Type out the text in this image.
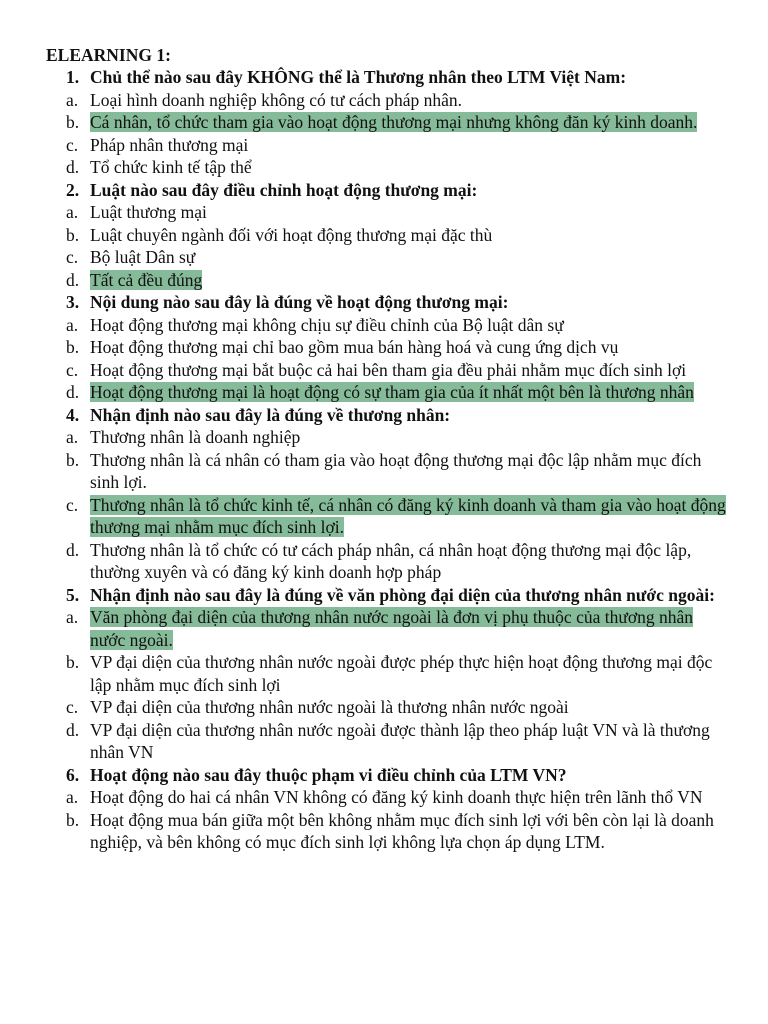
ELEARNING 1:

1. Chủ thể nào sau đây KHÔNG thể là Thương nhân theo LTM Việt Nam:
a. Loại hình doanh nghiệp không có tư cách pháp nhân.
b. Cá nhân, tổ chức tham gia vào hoạt động thương mại nhưng không đăn ký kinh doanh.
c. Pháp nhân thương mại
d. Tổ chức kinh tế tập thể
2. Luật nào sau đây điều chỉnh hoạt động thương mại:
a. Luật thương mại
b. Luật chuyên ngành đối với hoạt động thương mại đặc thù
c. Bộ luật Dân sự
d. Tất cả đều đúng
3. Nội dung nào sau đây là đúng về hoạt động thương mại:
a. Hoạt động thương mại không chịu sự điều chỉnh của Bộ luật dân sự
b. Hoạt động thương mại chỉ bao gồm mua bán hàng hoá và cung ứng dịch vụ
c. Hoạt động thương mại bắt buộc cả hai bên tham gia đều phải nhằm mục đích sinh lợi
d. Hoạt động thương mại là hoạt động có sự tham gia của ít nhất một bên là thương nhân
4. Nhận định nào sau đây là đúng về thương nhân:
a. Thương nhân là doanh nghiệp
b. Thương nhân là cá nhân có tham gia vào hoạt động thương mại độc lập nhằm mục đích sinh lợi.
c. Thương nhân là tổ chức kinh tế, cá nhân có đăng ký kinh doanh và tham gia vào hoạt động thương mại nhằm mục đích sinh lợi.
d. Thương nhân là tổ chức có tư cách pháp nhân, cá nhân hoạt động thương mại độc lập, thường xuyên và có đăng ký kinh doanh hợp pháp
5. Nhận định nào sau đây là đúng về văn phòng đại diện của thương nhân nước ngoài:
a. Văn phòng đại diện của thương nhân nước ngoài là đơn vị phụ thuộc của thương nhân nước ngoài.
b. VP đại diện của thương nhân nước ngoài được phép thực hiện hoạt động thương mại độc lập nhằm mục đích sinh lợi
c. VP đại diện của thương nhân nước ngoài là thương nhân nước ngoài
d. VP đại diện của thương nhân nước ngoài được thành lập theo pháp luật VN và là thương nhân VN
6. Hoạt động nào sau đây thuộc phạm vi điều chỉnh của LTM VN?
a. Hoạt động do hai cá nhân VN không có đăng ký kinh doanh thực hiện trên lãnh thổ VN
b. Hoạt động mua bán giữa một bên không nhằm mục đích sinh lợi với bên còn lại là doanh nghiệp, và bên không có mục đích sinh lợi không lựa chọn áp dụng LTM.
